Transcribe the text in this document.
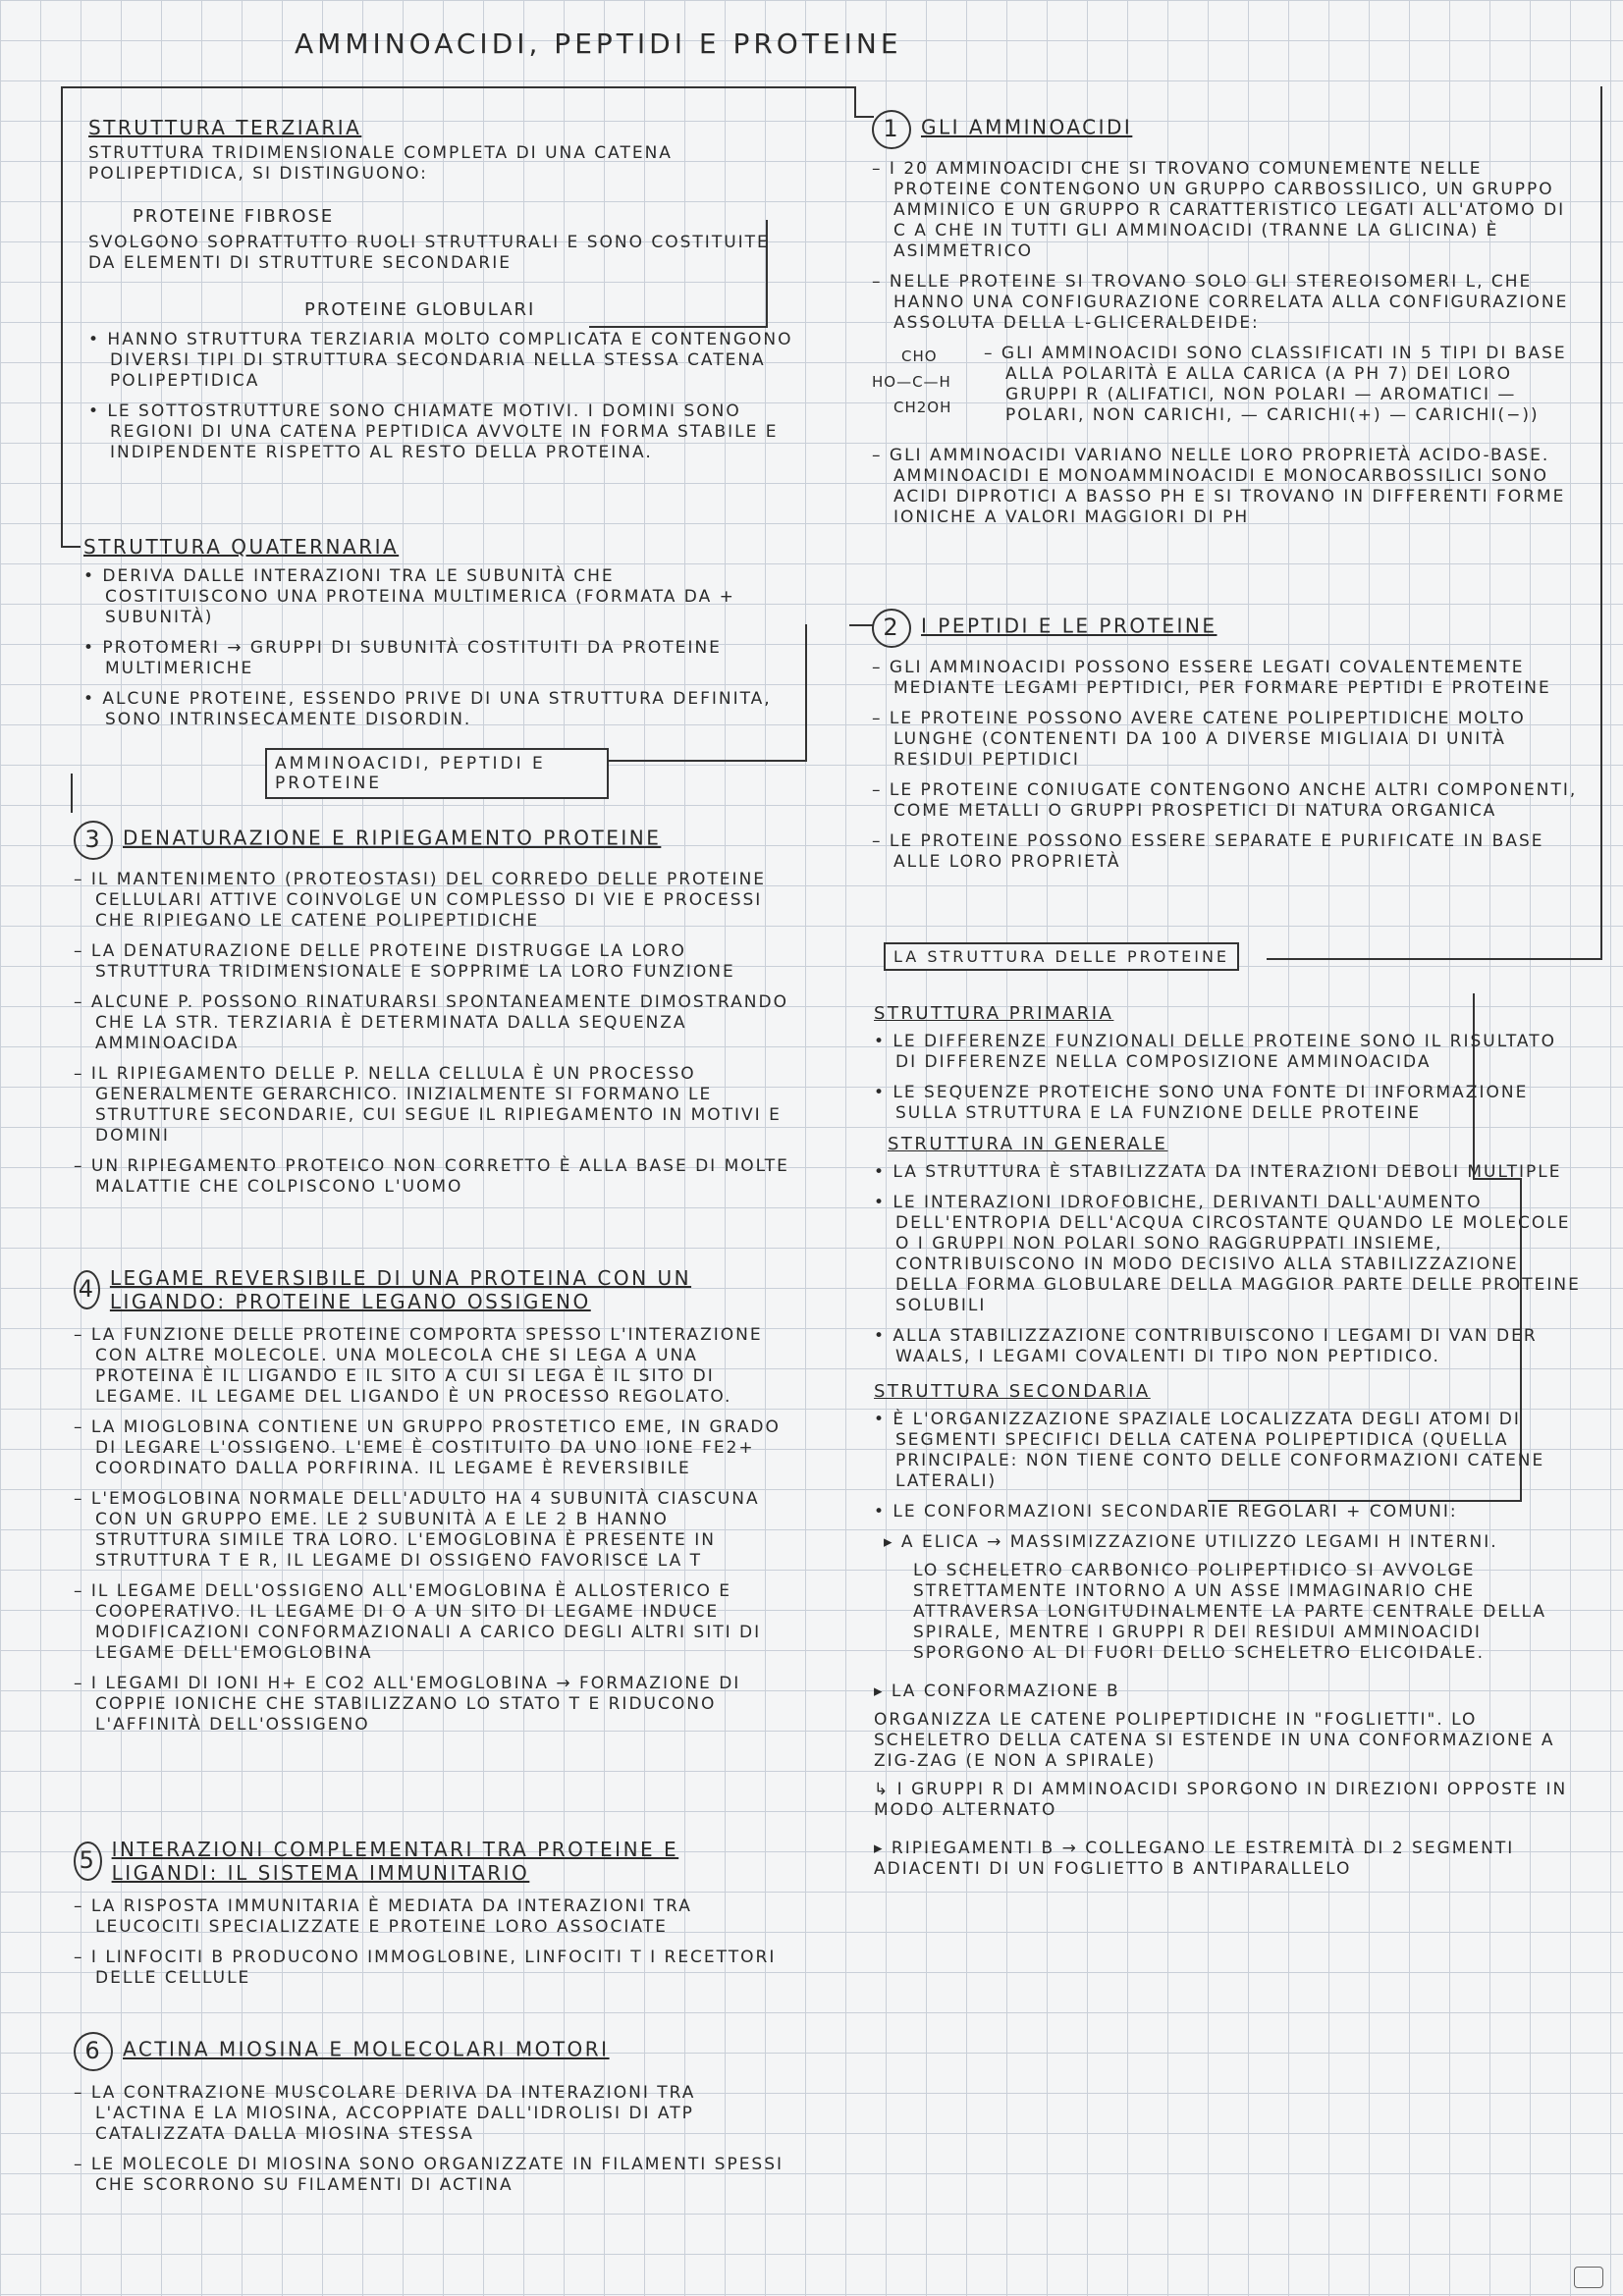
AMMINOACIDI, PEPTIDI E PROTEINE
STRUTTURA TERZIARIA

STRUTTURA TRIDIMENSIONALE COMPLETA DI UNA CATENA POLIPEPTIDICA, SI DISTINGUONO:

PROTEINE FIBROSE

SVOLGONO SOPRATTUTTO RUOLI STRUTTURALI E SONO COSTITUITE DA ELEMENTI DI STRUTTURE SECONDARIE

PROTEINE GLOBULARI

• HANNO STRUTTURA TERZIARIA MOLTO COMPLICATA E CONTENGONO DIVERSI TIPI DI STRUTTURA SECONDARIA NELLA STESSA CATENA POLIPEPTIDICA

• LE SOTTOSTRUTTURE SONO CHIAMATE MOTIVI. I DOMINI SONO REGIONI DI UNA CATENA PEPTIDICA AVVOLTE IN FORMA STABILE E INDIPENDENTE RISPETTO AL RESTO DELLA PROTEINA.

STRUTTURA QUATERNARIA

• DERIVA DALLE INTERAZIONI TRA LE SUBUNITÀ CHE COSTITUISCONO UNA PROTEINA MULTIMERICA (FORMATA DA + SUBUNITÀ)

• PROTOMERI → GRUPPI DI SUBUNITÀ COSTITUITI DA PROTEINE MULTIMERICHE

• ALCUNE PROTEINE, ESSENDO PRIVE DI UNA STRUTTURA DEFINITA, SONO INTRINSECAMENTE DISORDIN.

AMMINOACIDI, PEPTIDI E PROTEINE
3 DENATURAZIONE E RIPIEGAMENTO PROTEINE

– IL MANTENIMENTO (PROTEOSTASI) DEL CORREDO DELLE PROTEINE CELLULARI ATTIVE COINVOLGE UN COMPLESSO DI VIE E PROCESSI CHE RIPIEGANO LE CATENE POLIPEPTIDICHE

– LA DENATURAZIONE DELLE PROTEINE DISTRUGGE LA LORO STRUTTURA TRIDIMENSIONALE E SOPPRIME LA LORO FUNZIONE

– ALCUNE P. POSSONO RINATURARSI SPONTANEAMENTE DIMOSTRANDO CHE LA STR. TERZIARIA È DETERMINATA DALLA SEQUENZA AMMINOACIDA

– IL RIPIEGAMENTO DELLE P. NELLA CELLULA È UN PROCESSO GENERALMENTE GERARCHICO. INIZIALMENTE SI FORMANO LE STRUTTURE SECONDARIE, CUI SEGUE IL RIPIEGAMENTO IN MOTIVI E DOMINI

– UN RIPIEGAMENTO PROTEICO NON CORRETTO È ALLA BASE DI MOLTE MALATTIE CHE COLPISCONO L'UOMO

4 LEGAME REVERSIBILE DI UNA PROTEINA CON UN LIGANDO: PROTEINE LEGANO OSSIGENO

– LA FUNZIONE DELLE PROTEINE COMPORTA SPESSO L'INTERAZIONE CON ALTRE MOLECOLE. UNA MOLECOLA CHE SI LEGA A UNA PROTEINA È IL LIGANDO E IL SITO A CUI SI LEGA È IL SITO DI LEGAME. IL LEGAME DEL LIGANDO È UN PROCESSO REGOLATO.

– LA MIOGLOBINA CONTIENE UN GRUPPO PROSTETICO EME, IN GRADO DI LEGARE L'OSSIGENO. L'EME È COSTITUITO DA UNO IONE FE2+ COORDINATO DALLA PORFIRINA. IL LEGAME È REVERSIBILE

– L'EMOGLOBINA NORMALE DELL'ADULTO HA 4 SUBUNITÀ CIASCUNA CON UN GRUPPO EME. LE 2 SUBUNITÀ Α E LE 2 Β HANNO STRUTTURA SIMILE TRA LORO. L'EMOGLOBINA È PRESENTE IN STRUTTURA T E R, IL LEGAME DI OSSIGENO FAVORISCE LA T

– IL LEGAME DELL'OSSIGENO ALL'EMOGLOBINA È ALLOSTERICO E COOPERATIVO. IL LEGAME DI O A UN SITO DI LEGAME INDUCE MODIFICAZIONI CONFORMAZIONALI A CARICO DEGLI ALTRI SITI DI LEGAME DELL'EMOGLOBINA

– I LEGAMI DI IONI H+ E CO2 ALL'EMOGLOBINA → FORMAZIONE DI COPPIE IONICHE CHE STABILIZZANO LO STATO T E RIDUCONO L'AFFINITÀ DELL'OSSIGENO

5 INTERAZIONI COMPLEMENTARI TRA PROTEINE E LIGANDI: IL SISTEMA IMMUNITARIO

– LA RISPOSTA IMMUNITARIA È MEDIATA DA INTERAZIONI TRA LEUCOCITI SPECIALIZZATE E PROTEINE LORO ASSOCIATE

– I LINFOCITI B PRODUCONO IMMOGLOBINE, LINFOCITI T I RECETTORI DELLE CELLULE

6 ACTINA MIOSINA E MOLECOLARI MOTORI

– LA CONTRAZIONE MUSCOLARE DERIVA DA INTERAZIONI TRA L'ACTINA E LA MIOSINA, ACCOPPIATE DALL'IDROLISI DI ATP CATALIZZATA DALLA MIOSINA STESSA

– LE MOLECOLE DI MIOSINA SONO ORGANIZZATE IN FILAMENTI SPESSI CHE SCORRONO SU FILAMENTI DI ACTINA

1 GLI AMMINOACIDI

– I 20 AMMINOACIDI CHE SI TROVANO COMUNEMENTE NELLE PROTEINE CONTENGONO UN GRUPPO CARBOSSILICO, UN GRUPPO AMMINICO E UN GRUPPO R CARATTERISTICO LEGATI ALL'ATOMO DI C Α CHE IN TUTTI GLI AMMINOACIDI (TRANNE LA GLICINA) È ASIMMETRICO

– NELLE PROTEINE SI TROVANO SOLO GLI STEREOISOMERI L, CHE HANNO UNA CONFIGURAZIONE CORRELATA ALLA CONFIGURAZIONE ASSOLUTA DELLA L-GLICERALDEIDE:

CHO
HO—C—H
CH2OH

– GLI AMMINOACIDI SONO CLASSIFICATI IN 5 TIPI DI BASE ALLA POLARITÀ E ALLA CARICA (A PH 7) DEI LORO GRUPPI R (ALIFATICI, NON POLARI — AROMATICI — POLARI, NON CARICHI, — CARICHI(+) — CARICHI(−))

– GLI AMMINOACIDI VARIANO NELLE LORO PROPRIETÀ ACIDO-BASE. AMMINOACIDI E MONOAMMINOACIDI E MONOCARBOSSILICI SONO ACIDI DIPROTICI A BASSO PH E SI TROVANO IN DIFFERENTI FORME IONICHE A VALORI MAGGIORI DI PH

2 I PEPTIDI E LE PROTEINE

– GLI AMMINOACIDI POSSONO ESSERE LEGATI COVALENTEMENTE MEDIANTE LEGAMI PEPTIDICI, PER FORMARE PEPTIDI E PROTEINE

– LE PROTEINE POSSONO AVERE CATENE POLIPEPTIDICHE MOLTO LUNGHE (CONTENENTI DA 100 A DIVERSE MIGLIAIA DI UNITÀ RESIDUI PEPTIDICI

– LE PROTEINE CONIUGATE CONTENGONO ANCHE ALTRI COMPONENTI, COME METALLI O GRUPPI PROSPETICI DI NATURA ORGANICA

– LE PROTEINE POSSONO ESSERE SEPARATE E PURIFICATE IN BASE ALLE LORO PROPRIETÀ

LA STRUTTURA DELLE PROTEINE
STRUTTURA PRIMARIA

• LE DIFFERENZE FUNZIONALI DELLE PROTEINE SONO IL RISULTATO DI DIFFERENZE NELLA COMPOSIZIONE AMMINOACIDA

• LE SEQUENZE PROTEICHE SONO UNA FONTE DI INFORMAZIONE SULLA STRUTTURA E LA FUNZIONE DELLE PROTEINE

STRUTTURA IN GENERALE

• LA STRUTTURA È STABILIZZATA DA INTERAZIONI DEBOLI MULTIPLE

• LE INTERAZIONI IDROFOBICHE, DERIVANTI DALL'AUMENTO DELL'ENTROPIA DELL'ACQUA CIRCOSTANTE QUANDO LE MOLECOLE O I GRUPPI NON POLARI SONO RAGGRUPPATI INSIEME, CONTRIBUISCONO IN MODO DECISIVO ALLA STABILIZZAZIONE DELLA FORMA GLOBULARE DELLA MAGGIOR PARTE DELLE PROTEINE SOLUBILI

• ALLA STABILIZZAZIONE CONTRIBUISCONO I LEGAMI DI VAN DER WAALS, I LEGAMI COVALENTI DI TIPO NON PEPTIDICO.

STRUTTURA SECONDARIA

• È L'ORGANIZZAZIONE SPAZIALE LOCALIZZATA DEGLI ATOMI DI SEGMENTI SPECIFICI DELLA CATENA POLIPEPTIDICA (QUELLA PRINCIPALE: NON TIENE CONTO DELLE CONFORMAZIONI CATENE LATERALI)

• LE CONFORMAZIONI SECONDARIE REGOLARI + COMUNI:

▸ Α ELICA → MASSIMIZZAZIONE UTILIZZO LEGAMI H INTERNI.

LO SCHELETRO CARBONICO POLIPEPTIDICO SI AVVOLGE STRETTAMENTE INTORNO A UN ASSE IMMAGINARIO CHE ATTRAVERSA LONGITUDINALMENTE LA PARTE CENTRALE DELLA SPIRALE, MENTRE I GRUPPI R DEI RESIDUI AMMINOACIDI SPORGONO AL DI FUORI DELLO SCHELETRO ELICOIDALE.

▸ LA CONFORMAZIONE Β

ORGANIZZA LE CATENE POLIPEPTIDICHE IN "FOGLIETTI". LO SCHELETRO DELLA CATENA SI ESTENDE IN UNA CONFORMAZIONE A ZIG-ZAG (E NON A SPIRALE)

↳ I GRUPPI R DI AMMINOACIDI SPORGONO IN DIREZIONI OPPOSTE IN MODO ALTERNATO

▸ RIPIEGAMENTI Β → COLLEGANO LE ESTREMITÀ DI 2 SEGMENTI ADIACENTI DI UN FOGLIETTO Β ANTIPARALLELO
